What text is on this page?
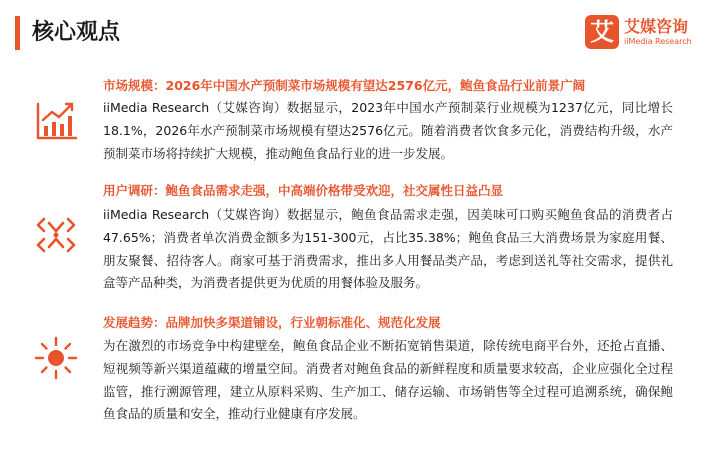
核心观点	艾 艾媒咨询
iiMedia Research
市场规模：2026年中国水产预制菜市场规模有望达2576亿元，鲍鱼食品行业前景广阔
iiMedia Research（艾媒咨询）数据显示，2023年中国水产预制菜行业规模为1237亿元，同比增长18.1%，2026年水产预制菜市场规模有望达2576亿元。随着消费者饮食多元化，消费结构升级，水产预制菜市场将持续扩大规模，推动鲍鱼食品行业的进一步发展。
用户调研：鲍鱼食品需求走强，中高端价格带受欢迎，社交属性日益凸显
iiMedia Research（艾媒咨询）数据显示，鲍鱼食品需求走强，因美味可口购买鲍鱼食品的消费者占47.65%；消费者单次消费金额多为151-300元，占比35.38%；鲍鱼食品三大消费场景为家庭用餐、朋友聚餐、招待客人。商家可基于消费需求，推出多人用餐品类产品，考虑到送礼等社交需求，提供礼盒等产品种类，为消费者提供更为优质的用餐体验及服务。
发展趋势：品牌加快多渠道铺设，行业朝标准化、规范化发展
为在激烈的市场竞争中构建壁垒，鲍鱼食品企业不断拓宽销售渠道，除传统电商平台外，还抢占直播、短视频等新兴渠道蕴藏的增量空间。消费者对鲍鱼食品的新鲜程度和质量要求较高，企业应强化全过程监管，推行溯源管理，建立从原料采购、生产加工、储存运输、市场销售等全过程可追溯系统，确保鲍鱼食品的质量和安全，推动行业健康有序发展。
